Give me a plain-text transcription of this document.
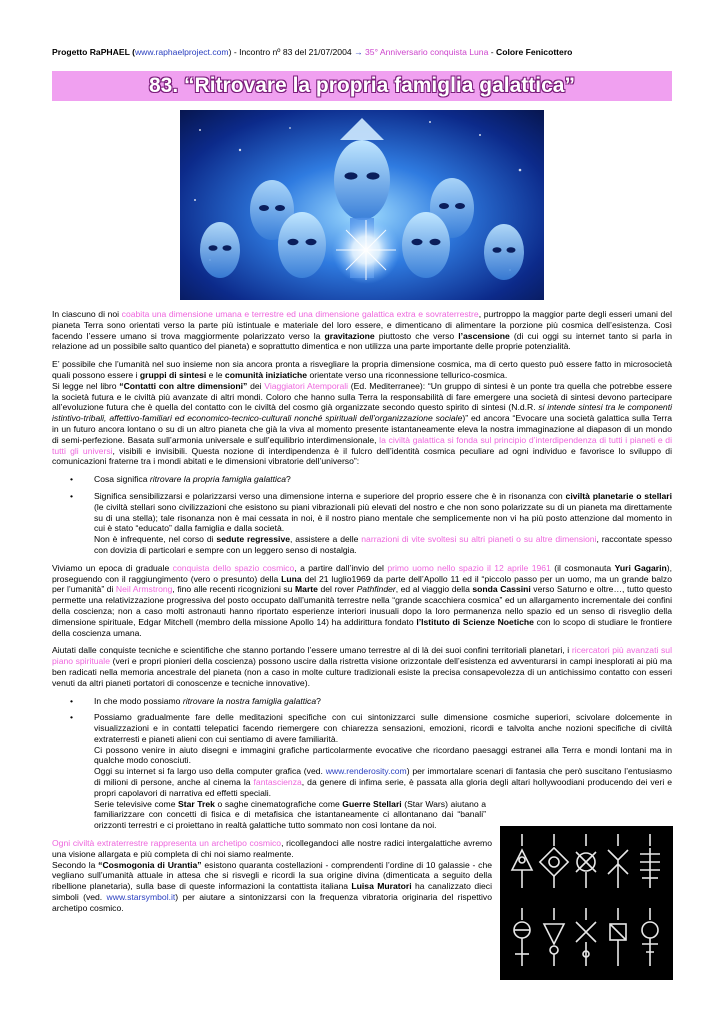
Progetto RaPHAEL (www.raphaelproject.com) - Incontro nº 83 del 21/07/2004 → 35° Anniversario conquista Luna - Colore Fenicottero
83. “Ritrovare la propria famiglia galattica”

In ciascuno di noi coabita una dimensione umana e terrestre ed una dimensione galattica extra e sovraterrestre, purtroppo la maggior parte degli esseri umani del pianeta Terra sono orientati verso la parte più istintuale e materiale del loro essere, e dimenticano di alimentare la porzione più cosmica dell’esistenza. Così facendo l’essere umano si trova maggiormente polarizzato verso la gravitazione piuttosto che verso l’ascensione (di cui oggi su internet tanto si parla in relazione ad un possibile salto quantico del pianeta) e soprattutto dimentica e non utilizza una parte importante delle proprie potenzialità.

E’ possibile che l’umanità nel suo insieme non sia ancora pronta a risvegliare la propria dimensione cosmica, ma di certo questo può essere fatto in microsocietà quali possono essere i gruppi di sintesi e le comunità iniziatiche orientate verso una riconnessione tellurico-cosmica.
Si legge nel libro “Contatti con altre dimensioni” dei Viaggiatori Atemporali (Ed. Mediterranee): “Un gruppo di sintesi è un ponte tra quella che potrebbe essere la società futura e le civiltà più avanzate di altri mondi. Coloro che hanno sulla Terra la responsabilità di fare emergere una società di sintesi devono partecipare all’evoluzione futura che è quella del contatto con le civiltà del cosmo già organizzate secondo questo spirito di sintesi (N.d.R. si intende sintesi tra le componenti istintivo-tribali, affettivo-familiari ed economico-tecnico-culturali nonché spirituali dell’organizzazione sociale)” ed ancora “Evocare una società galattica sulla Terra in un futuro ancora lontano o su di un altro pianeta che già la viva al momento presente istantaneamente eleva la nostra immaginazione al diapason di un mondo di semi-perfezione. Basata sull’armonia universale e sull’equilibrio interdimensionale, la civiltà galattica si fonda sul principio d’interdipendenza di tutti i pianeti e di tutti gli universi, visibili e invisibili. Questa nozione di interdipendenza è il fulcro dell’identità cosmica peculiare ad ogni individuo e favorisce lo sviluppo di comunicazioni fraterne tra i mondi abitati e le dimensioni vibratorie dell’universo”:

• Cosa significa ritrovare la propria famiglia galattica?
• Significa sensibilizzarsi e polarizzarsi verso una dimensione interna e superiore del proprio essere che è in risonanza con civiltà planetarie o stellari (le civiltà stellari sono civilizzazioni che esistono su piani vibrazionali più elevati del nostro e che non sono polarizzate su di un pianeta ma direttamente su di una stella); tale risonanza non è mai cessata in noi, è il nostro piano mentale che semplicemente non vi ha più posto attenzione dal momento in cui è stato “educato” dalla famiglia e dalla società.
Non è infrequente, nel corso di sedute regressive, assistere a delle narrazioni di vite svoltesi su altri pianeti o su altre dimensioni, raccontate spesso con dovizia di particolari e sempre con un leggero senso di nostalgia.

Viviamo un epoca di graduale conquista dello spazio cosmico, a partire dall’invio del primo uomo nello spazio il 12 aprile 1961 (il cosmonauta Yuri Gagarin), proseguendo con il raggiungimento (vero o presunto) della Luna del 21 luglio1969 da parte dell’Apollo 11 ed il “piccolo passo per un uomo, ma un grande balzo per l’umanità” di Neil Armstrong, fino alle recenti ricognizioni su Marte del rover Pathfinder, ed al viaggio della sonda Cassini verso Saturno e oltre…, tutto questo permette una relativizzazione progressiva del posto occupato dall’umanità terrestre nella “grande scacchiera cosmica” ed un allargamento incrementale dei confini della coscienza; non a caso molti astronauti hanno riportato esperienze interiori inusuali dopo la loro permanenza nello spazio ed un senso di risveglio della dimensione spirituale, Edgar Mitchell (membro della missione Apollo 14) ha addirittura fondato l’Istituto di Scienze Noetiche con lo scopo di studiare le frontiere della coscienza umana.

Aiutati dalle conquiste tecniche e scientifiche che stanno portando l’essere umano terrestre al di là dei suoi confini territoriali planetari, i ricercatori più avanzati sul piano spirituale (veri e propri pionieri della coscienza) possono uscire dalla ristretta visione orizzontale dell’esistenza ed avventurarsi in campi inesplorati ai più ma ben radicati nella memoria ancestrale del pianeta (non a caso in molte culture tradizionali esiste la precisa consapevolezza di un antichissimo contatto con esseri venuti da altri pianeti portatori di conoscenze e tecniche innovative).

• In che modo possiamo ritrovare la nostra famiglia galattica?
• Possiamo gradualmente fare delle meditazioni specifiche con cui sintonizzarci sulle dimensione cosmiche superiori, scivolare dolcemente in visualizzazioni e in contatti telepatici facendo riemergere con chiarezza sensazioni, emozioni, ricordi e talvolta anche nozioni specifiche di civiltà extraterresti e pianeti alieni con cui sentiamo di avere familiarità.
Ci possono venire in aiuto disegni e immagini grafiche particolarmente evocative che ricordano paesaggi estranei alla Terra e mondi lontani ma in qualche modo conosciuti.
Oggi su internet si fa largo uso della computer grafica (ved. www.renderosity.com) per immortalare scenari di fantasia che però suscitano l’entusiasmo di milioni di persone, anche al cinema la fantascienza, da genere di infima serie, è passata alla gloria degli altari hollywoodiani producendo dei veri e propri capolavori di narrativa ed effetti speciali.
Serie televisive come Star Trek o saghe cinematografiche come Guerre Stellari (Star Wars) aiutano a familiarizzare con concetti di fisica e di metafisica che istantaneamente ci allontanano dai “banali” orizzonti terrestri e ci proiettano in realtà galattiche tutto sommato non così lontane da noi.

Ogni civiltà extraterrestre rappresenta un archetipo cosmico, ricollegandoci alle nostre radici intergalattiche avremo una visione allargata e più completa di chi noi siamo realmente.
Secondo la “Cosmogonia di Urantia” esistono quaranta costellazioni - comprendenti l’ordine di 10 galassie - che vegliano sull’umanità attuale in attesa che si risvegli e ricordi la sua origine divina (dimenticata a seguito della ribellione planetaria), sulla base di queste informazioni la contattista italiana Luisa Muratori ha canalizzato dieci simboli (ved. www.starsymbol.it) per aiutare a sintonizzarsi con la frequenza vibratoria originaria del rispettivo archetipo cosmico.
